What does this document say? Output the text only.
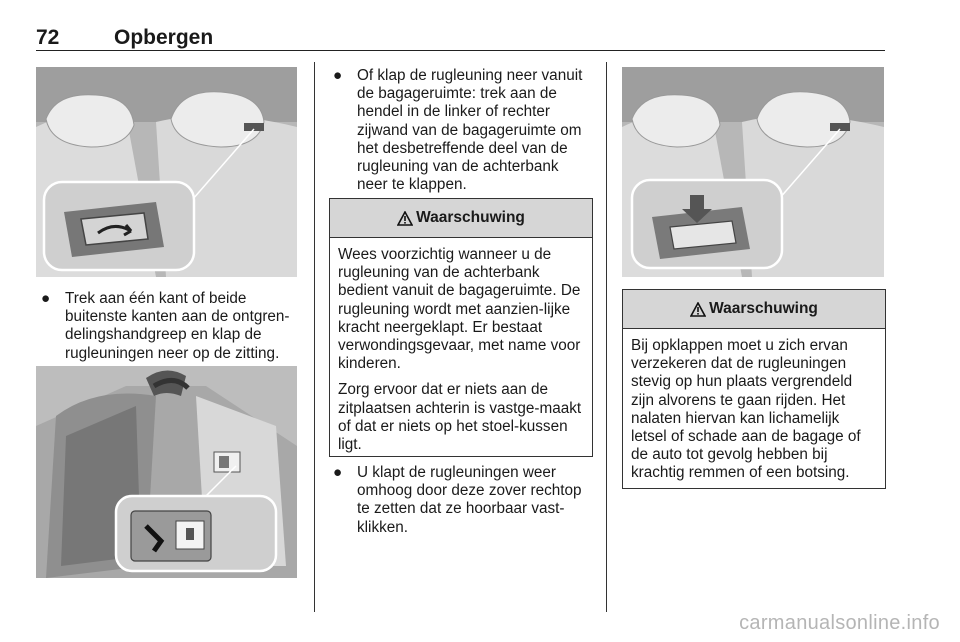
72	Opbergen
● Trek aan één kant of beide buitenste kanten aan de ontgren-delingshandgreep en klap de rugleuningen neer op de zitting.
● Of klap de rugleuning neer vanuit de bagageruimte: trek aan de hendel in de linker of rechter zijwand van de bagageruimte om het desbetreffende deel van de rugleuning van de achterbank neer te klappen.
Waarschuwing

Wees voorzichtig wanneer u de rugleuning van de achterbank bedient vanuit de bagageruimte. De rugleuning wordt met aanzien-lijke kracht neergeklapt. Er bestaat verwondingsgevaar, met name voor kinderen.

Zorg ervoor dat er niets aan de zitplaatsen achterin is vastge-maakt of dat er niets op het stoel-kussen ligt.

● U klapt de rugleuningen weer omhoog door deze zover rechtop te zetten dat ze hoorbaar vast-klikken.
Waarschuwing

Bij opklappen moet u zich ervan verzekeren dat de rugleuningen stevig op hun plaats vergrendeld zijn alvorens te gaan rijden. Het nalaten hiervan kan lichamelijk letsel of schade aan de bagage of de auto tot gevolg hebben bij krachtig remmen of een botsing.

carmanualsonline.info
